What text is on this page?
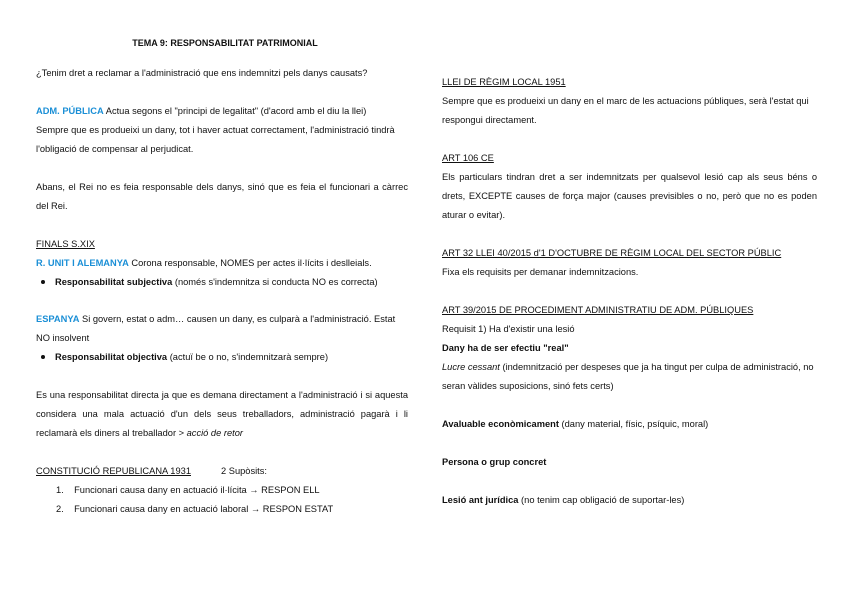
TEMA 9: RESPONSABILITAT PATRIMONIAL

¿Tenim dret a reclamar a l'administració que ens indemnitzi pels danys causats?

ADM. PÚBLICA Actua segons el "principi de legalitat" (d'acord amb el diu la llei)

Sempre que es produeixi un dany, tot i haver actuat correctament, l'administració tindrà l'obligació de compensar al perjudicat.

Abans, el Rei no es feia responsable dels danys, sinó que es feia el funcionari a càrrec del Rei.

FINALS S.XIX

R. UNIT I ALEMANYA Corona responsable, NOMES per actes il·lícits i deslleials.

Responsabilitat subjectiva (només s'indemnitza si conducta NO es correcta)

ESPANYA Si govern, estat o adm… causen un dany, es culparà a l'administració. Estat NO insolvent

Responsabilitat objectiva (actuï be o no, s'indemnitzarà sempre)

Es una responsabilitat directa ja que es demana directament a l'administració i si aquesta considera una mala actuació d'un dels seus treballadors, administració pagarà i li reclamarà els diners al treballador > acció de retor

CONSTITUCIÓ REPUBLICANA 1931	2 Supòsits:

1. Funcionari causa dany en actuació il·lícita → RESPON ELL
2. Funcionari causa dany en actuació laboral → RESPON ESTAT

LLEI DE RÈGIM LOCAL 1951

Sempre que es produeixi un dany en el marc de les actuacions públiques, serà l'estat qui respongui directament.

ART 106 CE

Els particulars tindran dret a ser indemnitzats per qualsevol lesió cap als seus béns o drets, EXCEPTE causes de força major (causes previsibles o no, però que no es poden aturar o evitar).

ART 32 LLEI 40/2015 d'1 D'OCTUBRE DE RÈGIM LOCAL DEL SECTOR PÚBLIC

Fixa els requisits per demanar indemnitzacions.

ART 39/2015 DE PROCEDIMENT ADMINISTRATIU DE ADM. PÚBLIQUES

Requisit 1) Ha d'existir una lesió

Dany ha de ser efectiu "real"

Lucre cessant (indemnització per despeses que ja ha tingut per culpa de administració, no seran vàlides suposicions, sinó fets certs)

Avaluable econòmicament (dany material, físic, psíquic, moral)

Persona o grup concret

Lesió ant jurídica (no tenim cap obligació de suportar-les)
